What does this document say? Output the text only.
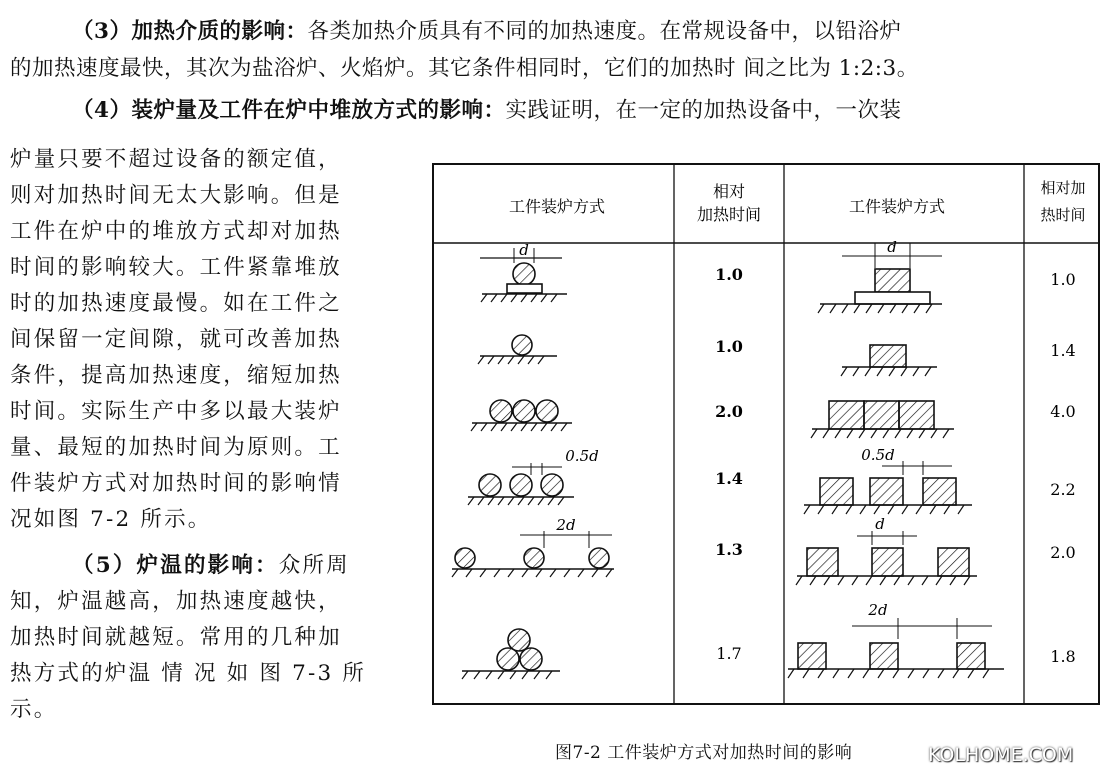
（3）加热介质的影响：各类加热介质具有不同的加热速度。在常规设备中，以铅浴炉
的加热速度最快，其次为盐浴炉、火焰炉。其它条件相同时，它们的加热时 间之比为 1:2:3。
（4）装炉量及工件在炉中堆放方式的影响：实践证明，在一定的加热设备中，一次装
炉量只要不超过设备的额定值，
则对加热时间无太大影响。但是
工件在炉中的堆放方式却对加热
时间的影响较大。工件紧靠堆放
时的加热速度最慢。如在工件之
间保留一定间隙，就可改善加热
条件，提高加热速度，缩短加热
时间。实际生产中多以最大装炉
量、最短的加热时间为原则。工
件装炉方式对加热时间的影响情
况如图 7-2 所示。
（5）炉温的影响：众所周
知，炉温越高，加热速度越快，
加热时间就越短。常用的几种加
热方式的炉温 情 况 如 图 7-3 所
示。
工件装炉方式
相对
加热时间	工件装炉方式
相对加
热时间
1.0
1.0
2.0
1.4
1.3
1.7
1.0
1.4
4.0
2.2
2.0
1.8
d
0.5d
2d
d
0.5d
d
2d
图7-2 工件装炉方式对加热时间的影响	KOLHOME.COM
